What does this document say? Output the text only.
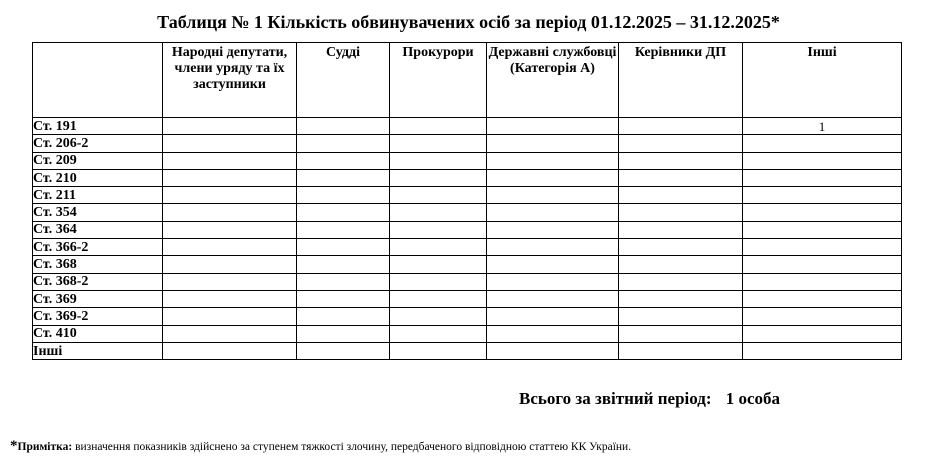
Таблиця № 1 Кількість обвинувачених осіб за період 01.12.2025 – 31.12.2025*
	Народні депутати, члени уряду та їх заступники	Судді	Прокурори	Державні службовці (Категорія А)	Керівники ДП	Інші
Ст. 191						1
Ст. 206-2						
Ст. 209						
Ст. 210						
Ст. 211						
Ст. 354						
Ст. 364						
Ст. 366-2						
Ст. 368						
Ст. 368-2						
Ст. 369						
Ст. 369-2						
Ст. 410						
Інші						
Всього за звітний період: 1 особа
*Примітка: визначення показників здійснено за ступенем тяжкості злочину, передбаченого відповідною статтею КК України.
